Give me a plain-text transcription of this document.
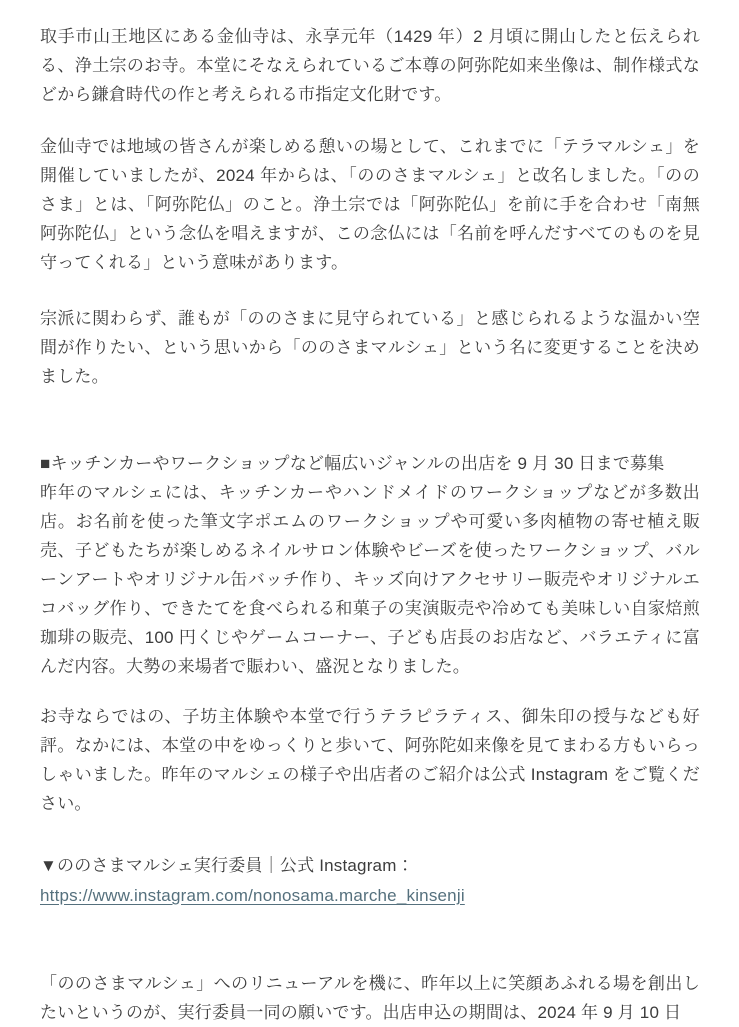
取手市山王地区にある金仙寺は、永享元年（1429 年）2 月頃に開山したと伝えられる、浄土宗のお寺。本堂にそなえられているご本尊の阿弥陀如来坐像は、制作様式などから鎌倉時代の作と考えられる市指定文化財です。

金仙寺では地域の皆さんが楽しめる憩いの場として、これまでに「テラマルシェ」を開催していましたが、2024 年からは、「ののさまマルシェ」と改名しました。「ののさま」とは、「阿弥陀仏」のこと。浄土宗では「阿弥陀仏」を前に手を合わせ「南無阿弥陀仏」という念仏を唱えますが、この念仏には「名前を呼んだすべてのものを見守ってくれる」という意味があります。

宗派に関わらず、誰もが「ののさまに見守られている」と感じられるような温かい空間が作りたい、という思いから「ののさまマルシェ」という名に変更することを決めました。

■キッチンカーやワークショップなど幅広いジャンルの出店を 9 月 30 日まで募集

昨年のマルシェには、キッチンカーやハンドメイドのワークショップなどが多数出店。お名前を使った筆文字ポエムのワークショップや可愛い多肉植物の寄せ植え販売、子どもたちが楽しめるネイルサロン体験やビーズを使ったワークショップ、バルーンアートやオリジナル缶バッチ作り、キッズ向けアクセサリー販売やオリジナルエコバッグ作り、できたてを食べられる和菓子の実演販売や冷めても美味しい自家焙煎珈琲の販売、100 円くじやゲームコーナー、子ども店長のお店など、バラエティに富んだ内容。大勢の来場者で賑わい、盛況となりました。

お寺ならではの、子坊主体験や本堂で行うテラピラティス、御朱印の授与なども好評。なかには、本堂の中をゆっくりと歩いて、阿弥陀如来像を見てまわる方もいらっしゃいました。昨年のマルシェの様子や出店者のご紹介は公式 Instagram をご覧ください。

▼ののさまマルシェ実行委員｜公式 Instagram：

https://www.instagram.com/nonosama.marche_kinsenji

「ののさまマルシェ」へのリニューアルを機に、昨年以上に笑顔あふれる場を創出したいというのが、実行委員一同の願いです。出店申込の期間は、2024 年 9 月 10 日
